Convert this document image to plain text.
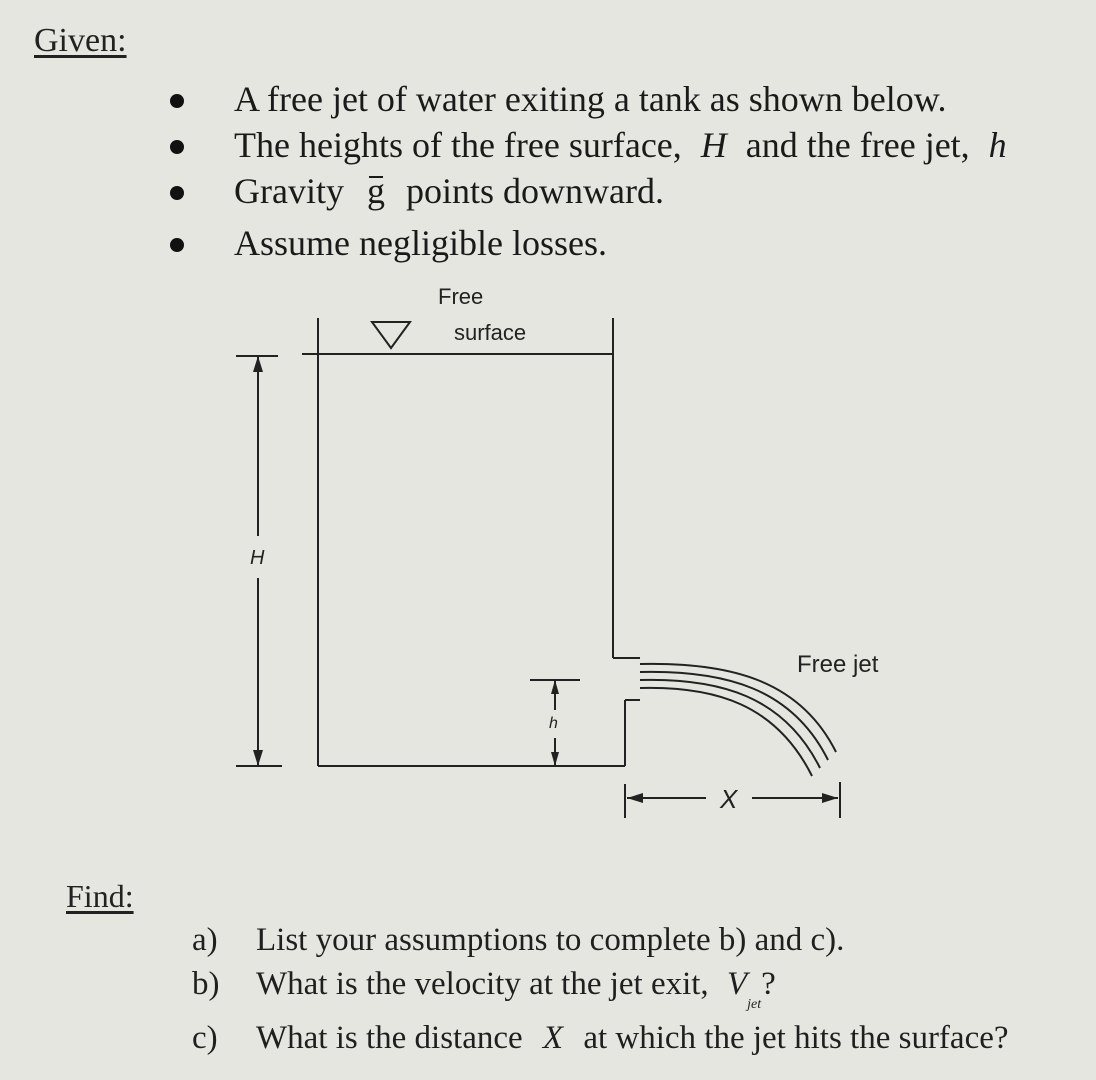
Given:
A free jet of water exiting a tank as shown below.
The heights of the free surface, H and the free jet, h
Gravity g points downward.
Assume negligible losses.
Free
surface
H
h
Free jet
X
Find:
a) List your assumptions to complete b) and c).
b) What is the velocity at the jet exit, $V_{jet}$?
c) What is the distance X at which the jet hits the surface?
